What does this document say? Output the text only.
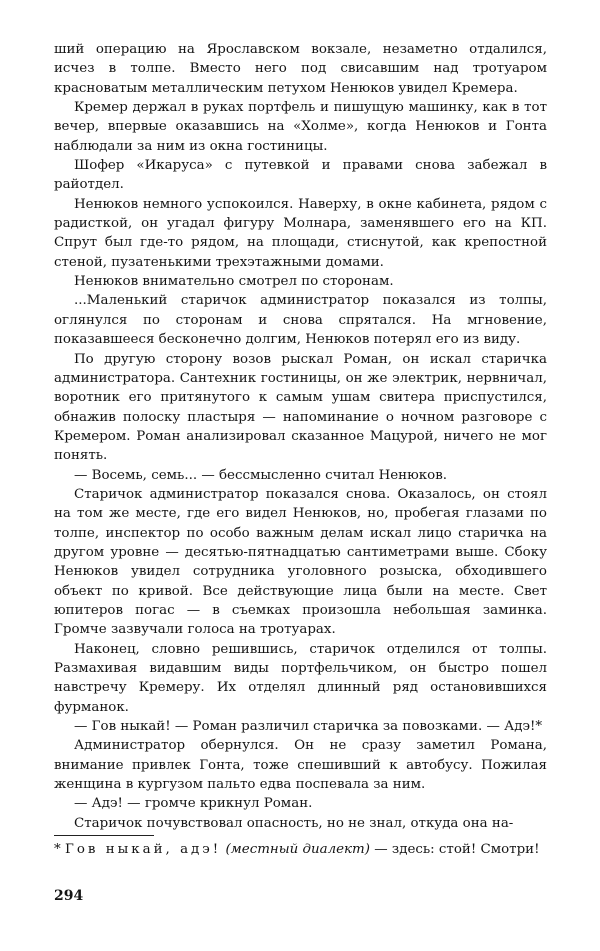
ший операцию на Ярославском вокзале, незаметно отдалился, исчез в толпе. Вместо него под свисавшим над тротуаром красноватым металлическим петухом Ненюков увидел Кремера.

Кремер держал в руках портфель и пишущую машинку, как в тот вечер, впервые оказавшись на «Холме», когда Ненюков и Гонта наблюдали за ним из окна гостиницы.

Шофер «Икаруса» с путевкой и правами снова забежал в райотдел.

Ненюков немного успокоился. Наверху, в окне кабинета, рядом с радисткой, он угадал фигуру Молнара, заменявшего его на КП. Спрут был где-то рядом, на площади, стиснутой, как крепостной стеной, пузатенькими трехэтажными домами.

Ненюков внимательно смотрел по сторонам.

...Маленький старичок администратор показался из толпы, оглянулся по сторонам и снова спрятался. На мгновение, показавшееся бесконечно долгим, Ненюков потерял его из виду.

По другую сторону возов рыскал Роман, он искал старичка администратора. Сантехник гостиницы, он же электрик, нервничал, воротник его притянутого к самым ушам свитера приспустился, обнажив полоску пластыря — напоминание о ночном разговоре с Кремером. Роман анализировал сказанное Мацурой, ничего не мог понять.

— Восемь, семь... — бессмысленно считал Ненюков.

Старичок администратор показался снова. Оказалось, он стоял на том же месте, где его видел Ненюков, но, пробегая глазами по толпе, инспектор по особо важным делам искал лицо старичка на другом уровне — десятью-пятнадцатью сантиметрами выше. Сбоку Ненюков увидел сотрудника уголовного розыска, обходившего объект по кривой. Все действующие лица были на месте. Свет юпитеров погас — в съемках произошла небольшая заминка. Громче зазвучали голоса на тротуарах.

Наконец, словно решившись, старичок отделился от толпы. Размахивая видавшим виды портфельчиком, он быстро пошел навстречу Кремеру. Их отделял длинный ряд остановившихся фурманок.

— Гов ныкай! — Роман различил старичка за повозками. — Адэ!*

Администратор обернулся. Он не сразу заметил Романа, внимание привлек Гонта, тоже спешивший к автобусу. Пожилая женщина в кургузом пальто едва поспевала за ним.

— Адэ! — громче крикнул Роман.

Старичок почувствовал опасность, но не знал, откуда она на-

* Гов ныкай, адэ! (местный диалект) — здесь: стой! Смотри!
294
